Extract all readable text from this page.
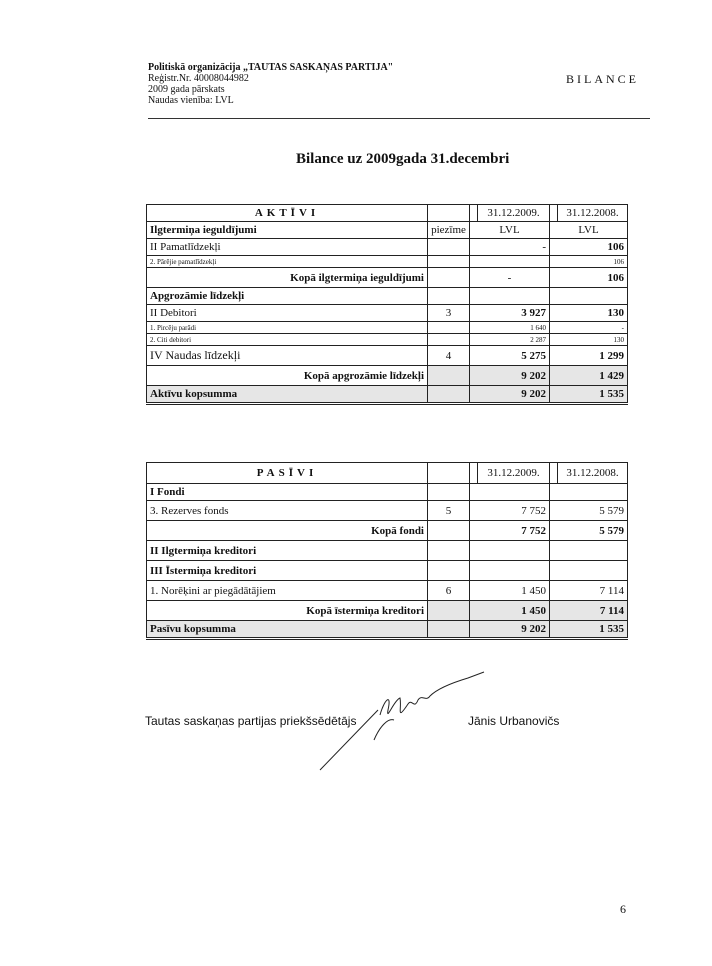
Politiskā organizācija „TAUTAS SASKAŅAS PARTIJA"
Reģistr.Nr. 40008044982
2009 gada pārskats
Naudas vienība: LVL
BILANCE
Bilance uz 2009gada 31.decembri
AKTĪVI			31.12.2009.		31.12.2008.
Ilgtermiņa ieguldījumi	piezīme	LVL		LVL	
II Pamatlīdzekļi		-		106	
2. Pārējie pamatlīdzekļi				106	
Kopā ilgtermiņa ieguldījumi		-		106	
Apgrozāmie līdzekļi					
II Debitori	3	3 927		130	
1. Pircēju parādi		1 640		-	
2. Citi debitori		2 287		130	
IV Naudas līdzekļi	4	5 275		1 299	
Kopā apgrozāmie līdzekļi		9 202		1 429	
Aktīvu kopsumma		9 202		1 535	
PASĪVI			31.12.2009.		31.12.2008.
I Fondi					
3. Rezerves fonds	5	7 752		5 579	
Kopā fondi		7 752		5 579	
II Ilgtermiņa kreditori					
III Īstermiņa kreditori					
1. Norēķini ar piegādātājiem	6	1 450		7 114	
Kopā īstermiņa kreditori		1 450		7 114	
Pasīvu kopsumma		9 202		1 535	
Tautas saskaņas partijas priekšsēdētājs	Jānis Urbanovičs
6
